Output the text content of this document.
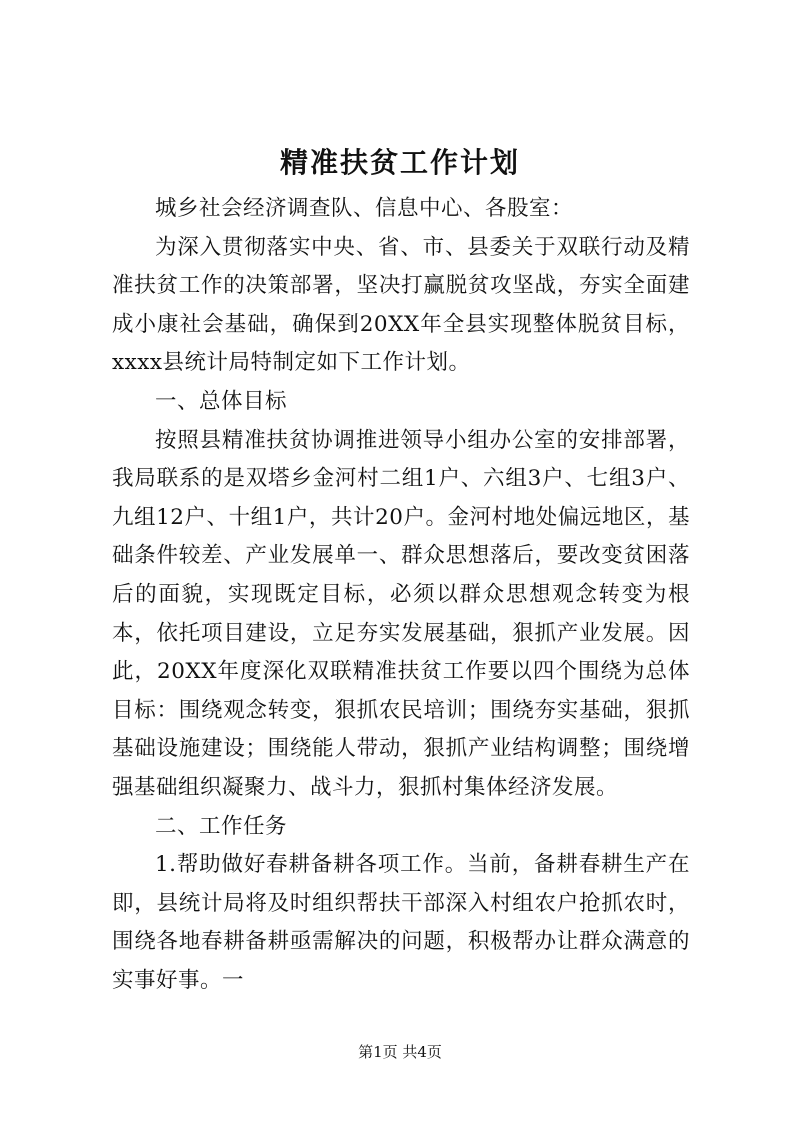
精准扶贫工作计划

城乡社会经济调查队、信息中心、各股室：

为深入贯彻落实中央、省、市、县委关于双联行动及精准扶贫工作的决策部署，坚决打赢脱贫攻坚战，夯实全面建成小康社会基础，确保到20XX年全县实现整体脱贫目标，xxxx县统计局特制定如下工作计划。

一、总体目标

按照县精准扶贫协调推进领导小组办公室的安排部署，我局联系的是双塔乡金河村二组1户、六组3户、七组3户、九组12户、十组1户，共计20户。金河村地处偏远地区，基础条件较差、产业发展单一、群众思想落后，要改变贫困落后的面貌，实现既定目标，必须以群众思想观念转变为根本，依托项目建设，立足夯实发展基础，狠抓产业发展。因此，20XX年度深化双联精准扶贫工作要以四个围绕为总体目标：围绕观念转变，狠抓农民培训；围绕夯实基础，狠抓基础设施建设；围绕能人带动，狠抓产业结构调整；围绕增强基础组织凝聚力、战斗力，狠抓村集体经济发展。

二、工作任务

1.帮助做好春耕备耕各项工作。当前，备耕春耕生产在即，县统计局将及时组织帮扶干部深入村组农户抢抓农时，围绕各地春耕备耕亟需解决的问题，积极帮办让群众满意的实事好事。一

第1页 共4页
